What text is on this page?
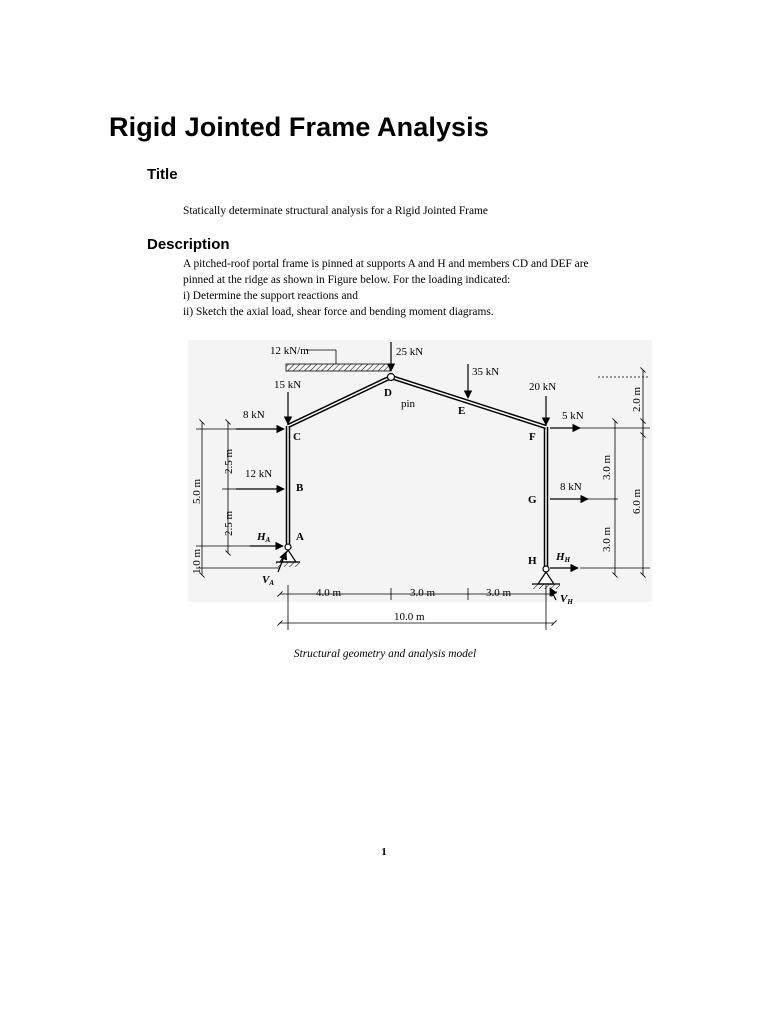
Rigid Jointed Frame Analysis
Title
Statically determinate structural analysis for a Rigid Jointed Frame
Description
A pitched-roof portal frame is pinned at supports A and H and members CD and DEF are
pinned at the ridge as shown in Figure below. For the loading indicated:
i) Determine the support reactions and
ii) Sketch the axial load, shear force and bending moment diagrams.
12 kN/m	25 kN
35 kN
15 kN
8 kN
12 kN
20 kN
5 kN
8 kN
HA
VA
HH
VH
C
B
A
D
E
F
G
H
pin
4.0 m	3.0 m	3.0 m
10.0 m
2.5 m
2.5 m
5.0 m
1.0 m
2.0 m
3.0 m
3.0 m
6.0 m
Structural geometry and analysis model
1
